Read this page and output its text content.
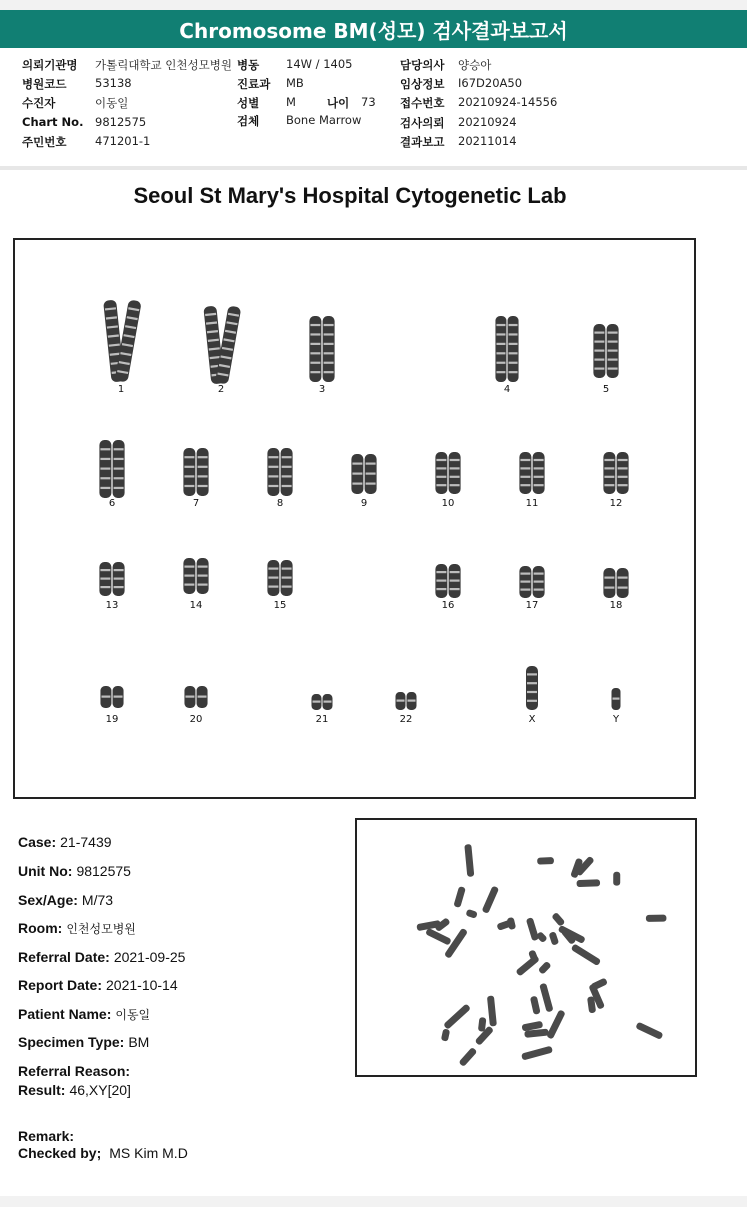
Chromosome BM(성모) 검사결과보고서
의뢰기관명 가톨릭대학교 인천성모병원 병동 14W / 1405	담당의사 양승아
병원코드 53138	진료과 MB	임상정보 I67D20A50
수진자	이동일	성별 M	나이 73 접수번호 20210924-14556
Chart No. 9812575	검체 Bone Marrow	검사의뢰 20210924
주민번호 471201-1	결과보고 20211014
Seoul St Mary's Hospital Cytogenetic Lab
1	2	3	4	5
6	7	8	9	10	11	12
13	14	15	16	17	18
19	20	21	22	X	Y
Case: 21-7439
Unit No: 9812575
Sex/Age: M/73
Room: 인천성모병원
Referral Date: 2021-09-25
Report Date: 2021-10-14
Patient Name: 이동일
Specimen Type: BM
Referral Reason:
Result: 46,XY[20]
Remark:
Checked by; MS Kim M.D
